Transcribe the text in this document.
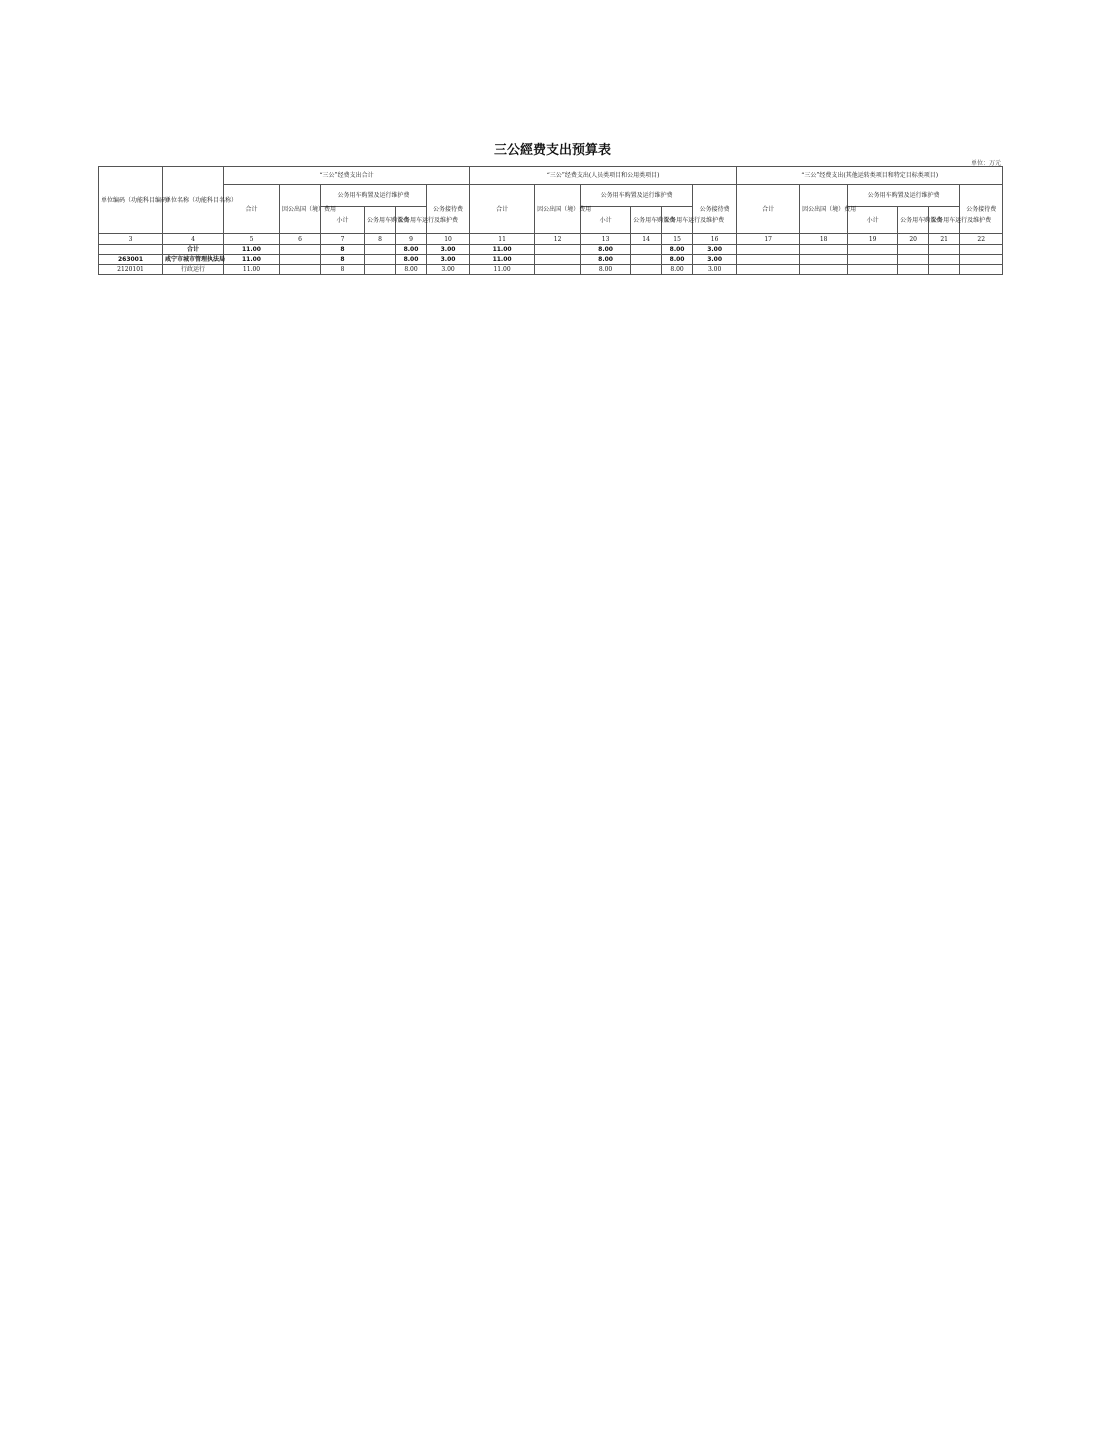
三公經费支出预算表
单位：万元
单位编码（功能科目编码）	单位名称（功能科目名称）	“三公”经费支出合计						“三公”经费支出(人员类项目和公用类项目)						“三公”经费支出(其他运转类项目和特定目标类项目)					
		合计	因公出国（境）费用	公务用车购置及运行维护费			公务接待费	合计	因公出国（境）费用	公务用车购置及运行维护费			公务接待费	合计	因公出国（境）费用	公务用车购置及运行维护费			公务接待费
				小计	公务用车购置费	公务用车运行及维护费				小计	公务用车购置费	公务用车运行及维护费				小计	公务用车购置费	公务用车运行及维护费	
3	4	5	6	7	8	9	10	11	12	13	14	15	16	17	18	19	20	21	22
	合计	11.00		8		8.00	3.00	11.00		8.00		8.00	3.00						
263001	咸宁市城市管理执法局	11.00		8		8.00	3.00	11.00		8.00		8.00	3.00						
2120101	行政运行	11.00		8		8.00	3.00	11.00		8.00		8.00	3.00						
